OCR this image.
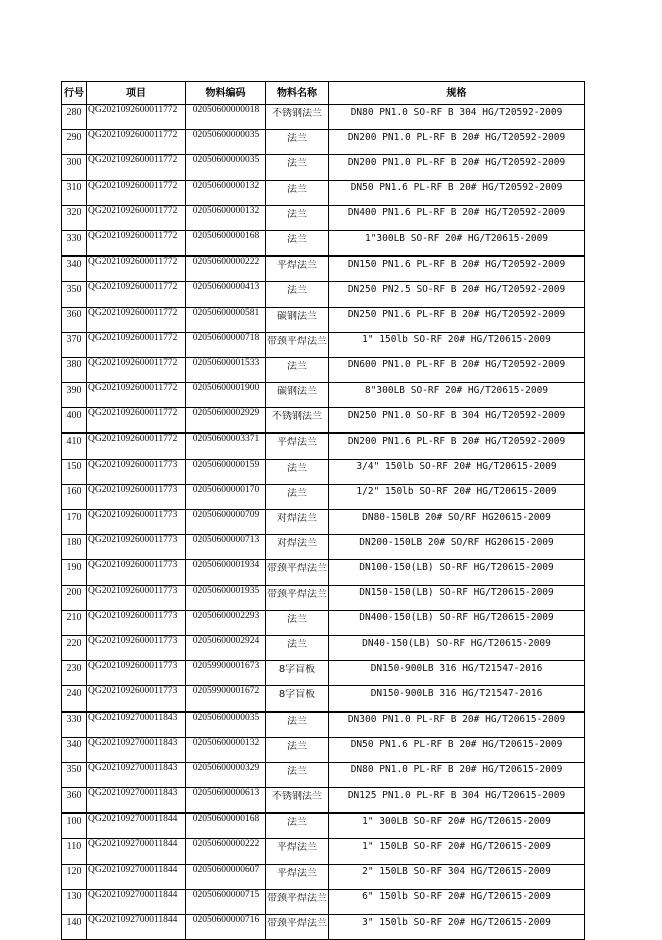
行号	项目	物料编码	物料名称	规格

280	QG2021092600011772	02050600000018	不锈钢法兰	DN80 PN1.0 SO-RF B 304 HG/T20592-2009

290	QG2021092600011772	02050600000035	法兰	DN200 PN1.0 PL-RF B 20# HG/T20592-2009

300	QG2021092600011772	02050600000035	法兰	DN200 PN1.0 PL-RF B 20# HG/T20592-2009

310	QG2021092600011772	02050600000132	法兰	DN50 PN1.6 PL-RF B 20# HG/T20592-2009

320	QG2021092600011772	02050600000132	法兰	DN400 PN1.6 PL-RF B 20# HG/T20592-2009

330	QG2021092600011772	02050600000168	法兰	1"300LB SO-RF 20# HG/T20615-2009

340	QG2021092600011772	02050600000222	平焊法兰	DN150 PN1.6 PL-RF B 20# HG/T20592-2009

350	QG2021092600011772	02050600000413	法兰	DN250 PN2.5 SO-RF B 20# HG/T20592-2009

360	QG2021092600011772	02050600000581	碳钢法兰	DN250 PN1.6 PL-RF B 20# HG/T20592-2009

370	QG2021092600011772	02050600000718	带颈平焊法兰	1" 150lb SO-RF 20# HG/T20615-2009

380	QG2021092600011772	02050600001533	法兰	DN600 PN1.0 PL-RF B 20# HG/T20592-2009

390	QG2021092600011772	02050600001900	碳钢法兰	8"300LB SO-RF 20# HG/T20615-2009

400	QG2021092600011772	02050600002929	不锈钢法兰	DN250 PN1.0 SO-RF B 304 HG/T20592-2009

410	QG2021092600011772	02050600003371	平焊法兰	DN200 PN1.6 PL-RF B 20# HG/T20592-2009

150	QG2021092600011773	02050600000159	法兰	3/4" 150lb SO-RF 20# HG/T20615-2009

160	QG2021092600011773	02050600000170	法兰	1/2" 150lb SO-RF 20# HG/T20615-2009

170	QG2021092600011773	02050600000709	对焊法兰	DN80-150LB 20# SO/RF HG20615-2009

180	QG2021092600011773	02050600000713	对焊法兰	DN200-150LB 20# SO/RF HG20615-2009

190	QG2021092600011773	02050600001934	带颈平焊法兰	DN100-150(LB) SO-RF HG/T20615-2009

200	QG2021092600011773	02050600001935	带颈平焊法兰	DN150-150(LB) SO-RF HG/T20615-2009

210	QG2021092600011773	02050600002293	法兰	DN400-150(LB) SO-RF HG/T20615-2009

220	QG2021092600011773	02050600002924	法兰	DN40-150(LB) SO-RF HG/T20615-2009

230	QG2021092600011773	02059900001673	8字盲板	DN150-900LB 316 HG/T21547-2016

240	QG2021092600011773	02059900001672	8字盲板	DN150-900LB 316 HG/T21547-2016

330	QG2021092700011843	02050600000035	法兰	DN300 PN1.0 PL-RF B 20# HG/T20615-2009

340	QG2021092700011843	02050600000132	法兰	DN50 PN1.6 PL-RF B 20# HG/T20615-2009

350	QG2021092700011843	02050600000329	法兰	DN80 PN1.0 PL-RF B 20# HG/T20615-2009

360	QG2021092700011843	02050600000613	不锈钢法兰	DN125 PN1.0 PL-RF B 304 HG/T20615-2009

100	QG2021092700011844	02050600000168	法兰	1" 300LB SO-RF 20# HG/T20615-2009

110	QG2021092700011844	02050600000222	平焊法兰	1" 150LB SO-RF 20# HG/T20615-2009

120	QG2021092700011844	02050600000607	平焊法兰	2" 150LB SO-RF 304 HG/T20615-2009

130	QG2021092700011844	02050600000715	带颈平焊法兰	6" 150lb SO-RF 20# HG/T20615-2009

140	QG2021092700011844	02050600000716	带颈平焊法兰	3" 150lb SO-RF 20# HG/T20615-2009
